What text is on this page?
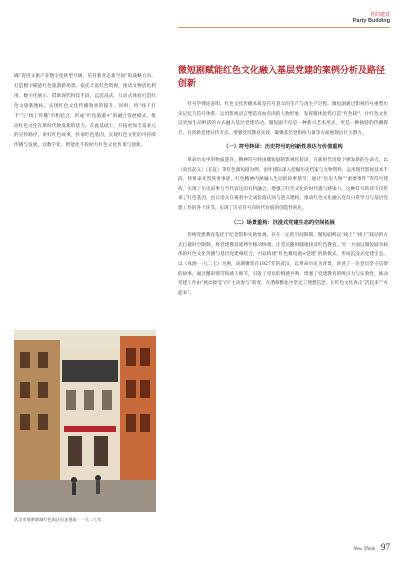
党的建设
Party Building
确“促进文旅产业数字化转型升级，培育新业态新空间”的战略方向，打造数字赋能红色旅游新场景。依托丰富红色资源，推动文物活化利用、数字化展示，借助现代科技手段，以沉浸式、互动式体验打造红色文旅新地标，实现红色文化传播效果的提升。同时，将“线下打卡”与“线上传播”有机结合，形成“红色旅游+”的融合发展模式，推动红色文化在新时代焕发新的活力。在此基础上，开拓更加丰富多元的宣传路径，讲好红色故事，传承红色基因，实现红色文化的可持续传播与发展，以数字化、智能化手段助力红色文化传承与创新。
武汉市黎黄陂路红色街区旧址建筑 · 一九二七年
微短剧赋能红色文化融入基层党建的案例分析及路径创新

符号学理论表明，红色文化传播本质是符号意义的生产与再生产过程。微短剧通过影视符号重塑历史记忆与符号体系，运用影视语言塑造有血有肉的人物形象，发挥媒体优势打造“红色IP”，让红色文化以更加生动鲜活的方式融入基层党建活动。微短剧不仅是一种新兴艺术形式，更是一种独特的传播媒介，在创新党建宣传方式、增强党员教育实效、凝聚基层党组织力量等方面展现出巨大潜力。

（一）符号转译：历史符号的创新性表达与价值重构

革命历史中的物质遗存、精神符号经由微短剧的影视化转译，在新时代语境下焕发新的生命力。以《南昌起义》《长征》等红色微短剧为例，创作团队深入挖掘历史档案与文物资料，运用现代影视技术手段，将革命先烈英勇事迹、红色精神内涵融入生动的故事情节，通过“历史人物”“重要事件”等符号建构，实现了历史叙事与当代表达的有机融合，增强了红色文化的时代感与感染力。这种符号转译不仅传承了红色基因，也让受众在观看中完成价值认同与意义建构，推动红色文化融入党员日常学习与基层党建工作的各个环节，实现了历史符号向时代价值的创造性转化。

（二）场景重构：沉浸式党建生态的空间拓展

传统党建教育依托于纪念馆和实地参观，存在一定的空间限制。微短剧则以“线上”“线下”联动的方式打破时空限制，将党建教育延伸至移动终端，让党员随时随地接受红色教育。另一方面以微短剧为载体的红色文化传播与基层党建相结合，可以构建“红色微短剧+党建”的新模式，形成沉浸式党建生态。以《真理·一九二七》为例，该剧聚焦在1927年的武汉，以革命历史为背景，讲述了一位党员坚守信仰的故事，通过精彩情节和感人细节，引发了党员的情感共鸣，增强了党建教育的吸引力与实效性，推动党建工作由“被动接受”向“主动参与”转变，在潜移默化中坚定了理想信念，让红色文化真正“活起来”“火起来”。

New Think 97
